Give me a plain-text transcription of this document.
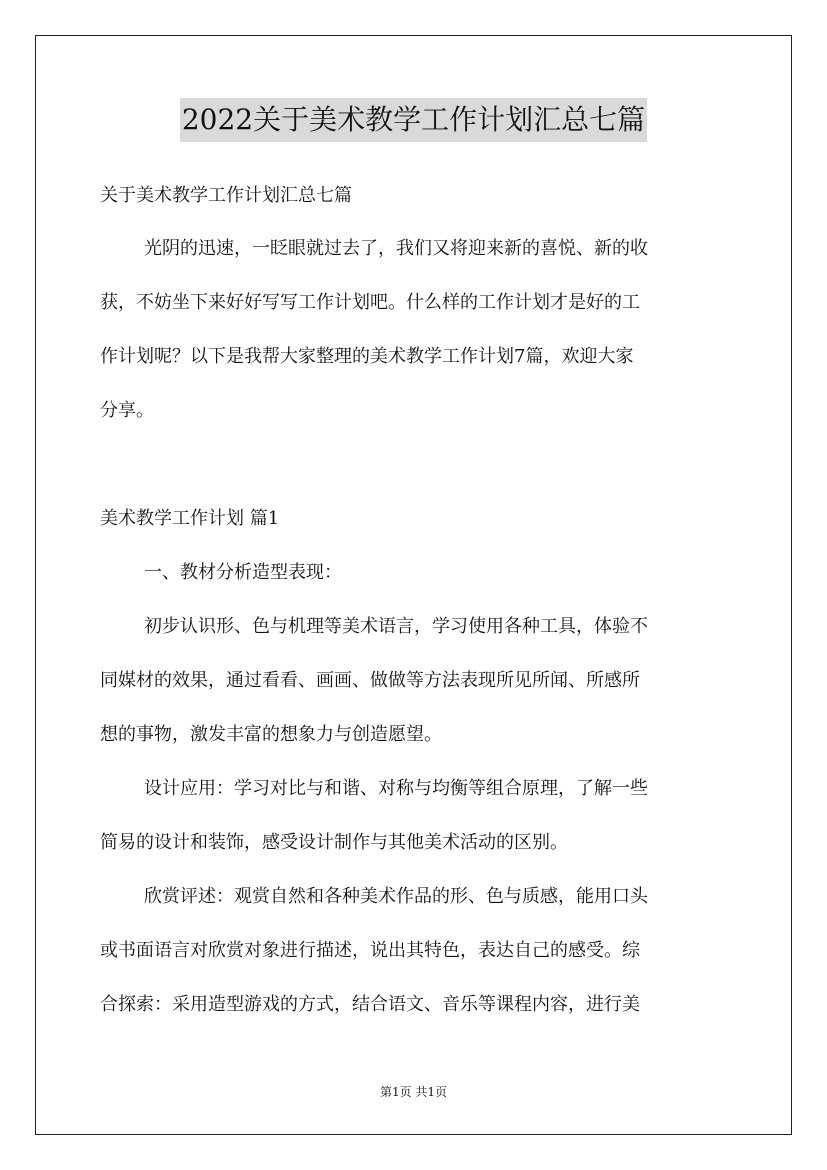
2022关于美术教学工作计划汇总七篇
关于美术教学工作计划汇总七篇
光阴的迅速，一眨眼就过去了，我们又将迎来新的喜悦、新的收
获，不妨坐下来好好写写工作计划吧。什么样的工作计划才是好的工
作计划呢？以下是我帮大家整理的美术教学工作计划7篇，欢迎大家
分享。
美术教学工作计划 篇1
一、教材分析造型表现：
初步认识形、色与机理等美术语言，学习使用各种工具，体验不
同媒材的效果，通过看看、画画、做做等方法表现所见所闻、所感所
想的事物，激发丰富的想象力与创造愿望。
设计应用：学习对比与和谐、对称与均衡等组合原理，了解一些
简易的设计和装饰，感受设计制作与其他美术活动的区别。
欣赏评述：观赏自然和各种美术作品的形、色与质感，能用口头
或书面语言对欣赏对象进行描述，说出其特色，表达自己的感受。综
合探索：采用造型游戏的方式，结合语文、音乐等课程内容，进行美
第1页 共1页
